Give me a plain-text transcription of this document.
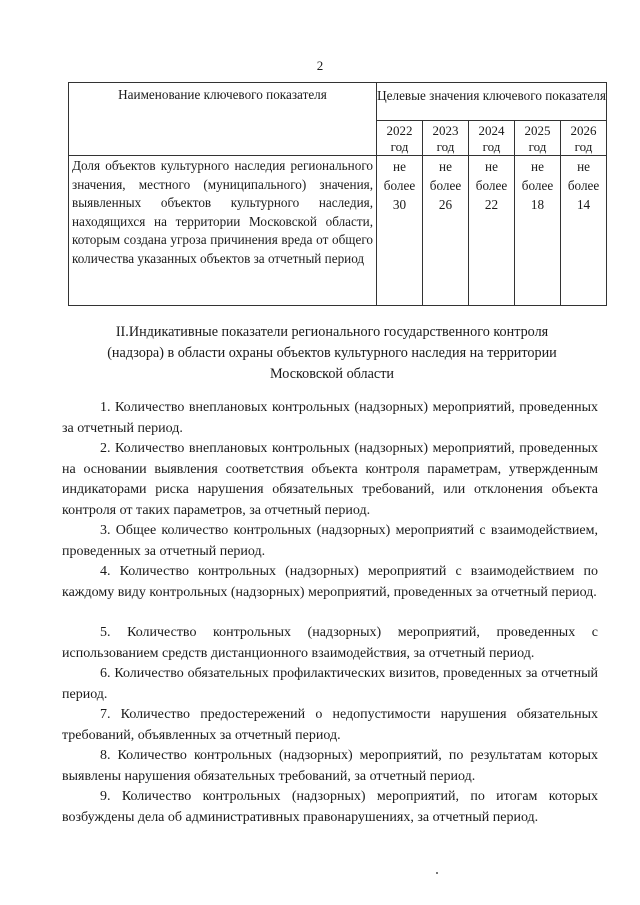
2
Наименование ключевого показателя	Целевые значения ключевого показателя				
	2022 год	2023 год	2024 год	2025 год	2026 год
Доля объектов культурного наследия регионального значения, местного (муниципального) значения, выявленных объектов культурного наследия, находящихся на территории Московской области, которым создана угроза причинения вреда от общего количества указанных объектов за отчетный период	не более 30	не более 26	не более 22	не более 18	не более 14
II.Индикативные показатели регионального государственного контроля (надзора) в области охраны объектов культурного наследия на территории Московской области
1. Количество внеплановых контрольных (надзорных) мероприятий, проведенных за отчетный период.
2. Количество внеплановых контрольных (надзорных) мероприятий, проведенных на основании выявления соответствия объекта контроля параметрам, утвержденным индикаторами риска нарушения обязательных требований, или отклонения объекта контроля от таких параметров, за отчетный период.
3. Общее количество контрольных (надзорных) мероприятий с взаимодействием, проведенных за отчетный период.
4. Количество контрольных (надзорных) мероприятий с взаимодействием по каждому виду контрольных (надзорных) мероприятий, проведенных за отчетный период.
5. Количество контрольных (надзорных) мероприятий, проведенных с использованием средств дистанционного взаимодействия, за отчетный период.
6. Количество обязательных профилактических визитов, проведенных за отчетный период.
7. Количество предостережений о недопустимости нарушения обязательных требований, объявленных за отчетный период.
8. Количество контрольных (надзорных) мероприятий, по результатам которых выявлены нарушения обязательных требований, за отчетный период.
9. Количество контрольных (надзорных) мероприятий, по итогам которых возбуждены дела об административных правонарушениях, за отчетный период.
